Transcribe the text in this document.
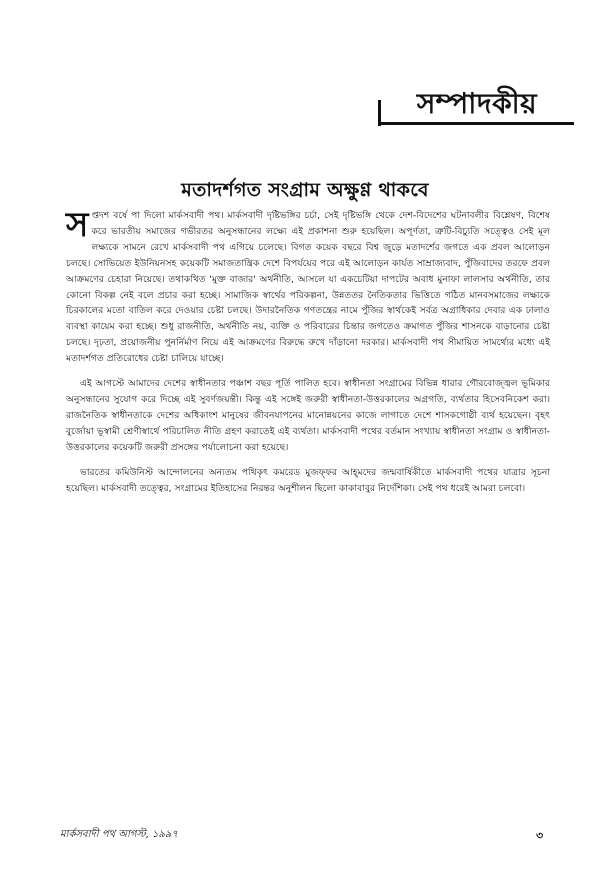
সম্পাদকীয়
মতাদর্শগত সংগ্রাম অক্ষুণ্ণ থাকবে

সপ্তদশ বর্ষে পা দিলো মার্কসবাদী পথ। মার্কসবাদী দৃষ্টিভঙ্গির চর্চা, সেই দৃষ্টিভঙ্গি থেকে দেশ-বিদেশের ঘটনাবলীর বিশ্লেষণ, বিশেষ করে ভারতীয় সমাজের গভীরতর অনুসন্ধানের লক্ষ্যে এই প্রকাশনা শুরু হয়েছিল। অপূর্ণতা, ত্রুটি-বিচ্যুতি সত্ত্বেও সেই মূল লক্ষ্যকে সামনে রেখে মার্কসবাদী পথ এগিয়ে চলেছে। বিগত কয়েক বছরে বিশ্ব জুড়ে মতাদর্শের জগতে এক প্রবল আলোড়ন চলছে। সোভিয়েত ইউনিয়নসহ কয়েকটি সমাজতান্ত্রিক দেশে বিপর্যয়ের পরে এই আলোড়ন কার্যত সাম্রাজ্যবাদ, পুঁজিবাদের তরফে প্রবল আক্রমণের চেহারা নিয়েছে। তথাকথিত 'মুক্ত বাজার' অর্থনীতি, আসলে যা একচেটিয়া দাপটের অবাধ মুনাফা লালসার অর্থনীতি, তার কোনো বিকল্প নেই বলে প্রচার করা হচ্ছে। সামাজিক স্বার্থের পরিকল্পনা, উন্নততর নৈতিকতার ভিত্তিতে গঠিত মানবসমাজের লক্ষ্যকে চিরকালের মতো বাতিল করে দেওয়ার চেষ্টা চলছে। উদারনৈতিক গণতন্ত্রের নামে পুঁজির স্বার্থকেই সর্বত্র অগ্রাধিকার দেবার এক ঢালাও ব্যবস্থা কায়েম করা হচ্ছে। শুধু রাজনীতি, অর্থনীতি নয়, ব্যক্তি ও পরিবারের চিন্তার জগতেও ক্রমাগত পুঁজির শাসনকে বাড়ানোর চেষ্টা চলছে। দৃঢ়তা, প্রয়োজনীয় পুনর্নির্মাণ নিয়ে এই আক্রমণের বিরুদ্ধে রুখে দাঁড়ানো দরকার। মার্কসবাদী পথ সীমায়িত সামর্থ্যের মধ্যে এই মতাদর্শগত প্রতিরোধের চেষ্টা চালিয়ে যাচ্ছে।

এই আগস্টে আমাদের দেশের স্বাধীনতার পঞ্চাশ বছর পূর্তি পালিত হবে। স্বাধীনতা সংগ্রামের বিভিন্ন ধারার গৌরবোজ্জ্বল ভূমিকার অনুসন্ধানের সুযোগ করে দিচ্ছে এই সুবর্ণজয়ন্তী। কিন্তু এই সঙ্গেই জরুরী স্বাধীনতা-উত্তরকালের অগ্রগতি, ব্যর্থতার হিসেবনিকেশ করা। রাজনৈতিক স্বাধীনতাকে দেশের অধিকাংশ মানুষের জীবনযাপনের মানোন্নয়নের কাজে লাগাতে দেশে শাসকগোষ্ঠী ব্যর্থ হয়েছেন। বৃহৎ বুর্জোয়া ভূস্বামী শ্রেণীস্বার্থে পরিচালিত নীতি গ্রহণ করাতেই এই ব্যর্থতা। মার্কসবাদী পথের বর্তমান সংখ্যায় স্বাধীনতা সংগ্রাম ও স্বাধীনতা-উত্তরকালের কয়েকটি জরুরী প্রসঙ্গের পর্যালোচনা করা হয়েছে।

ভারতের কমিউনিস্ট আন্দোলনের অন্যতম পথিকৃৎ কমরেড মুজফ্ফর আহ্‌মদের জন্মবার্ষিকীতে মার্কসবাদী পথের যাত্রার সূচনা হয়েছিল। মার্কসবাদী তত্ত্বের, সংগ্রামের ইতিহাসের নিরন্তর অনুশীলন ছিলো কাকাবাবুর নির্দেশিকা। সেই পথ ধরেই আমরা চলবো।

মার্কসবাদী পথ আগস্ট, ১৯৯৭	৩
